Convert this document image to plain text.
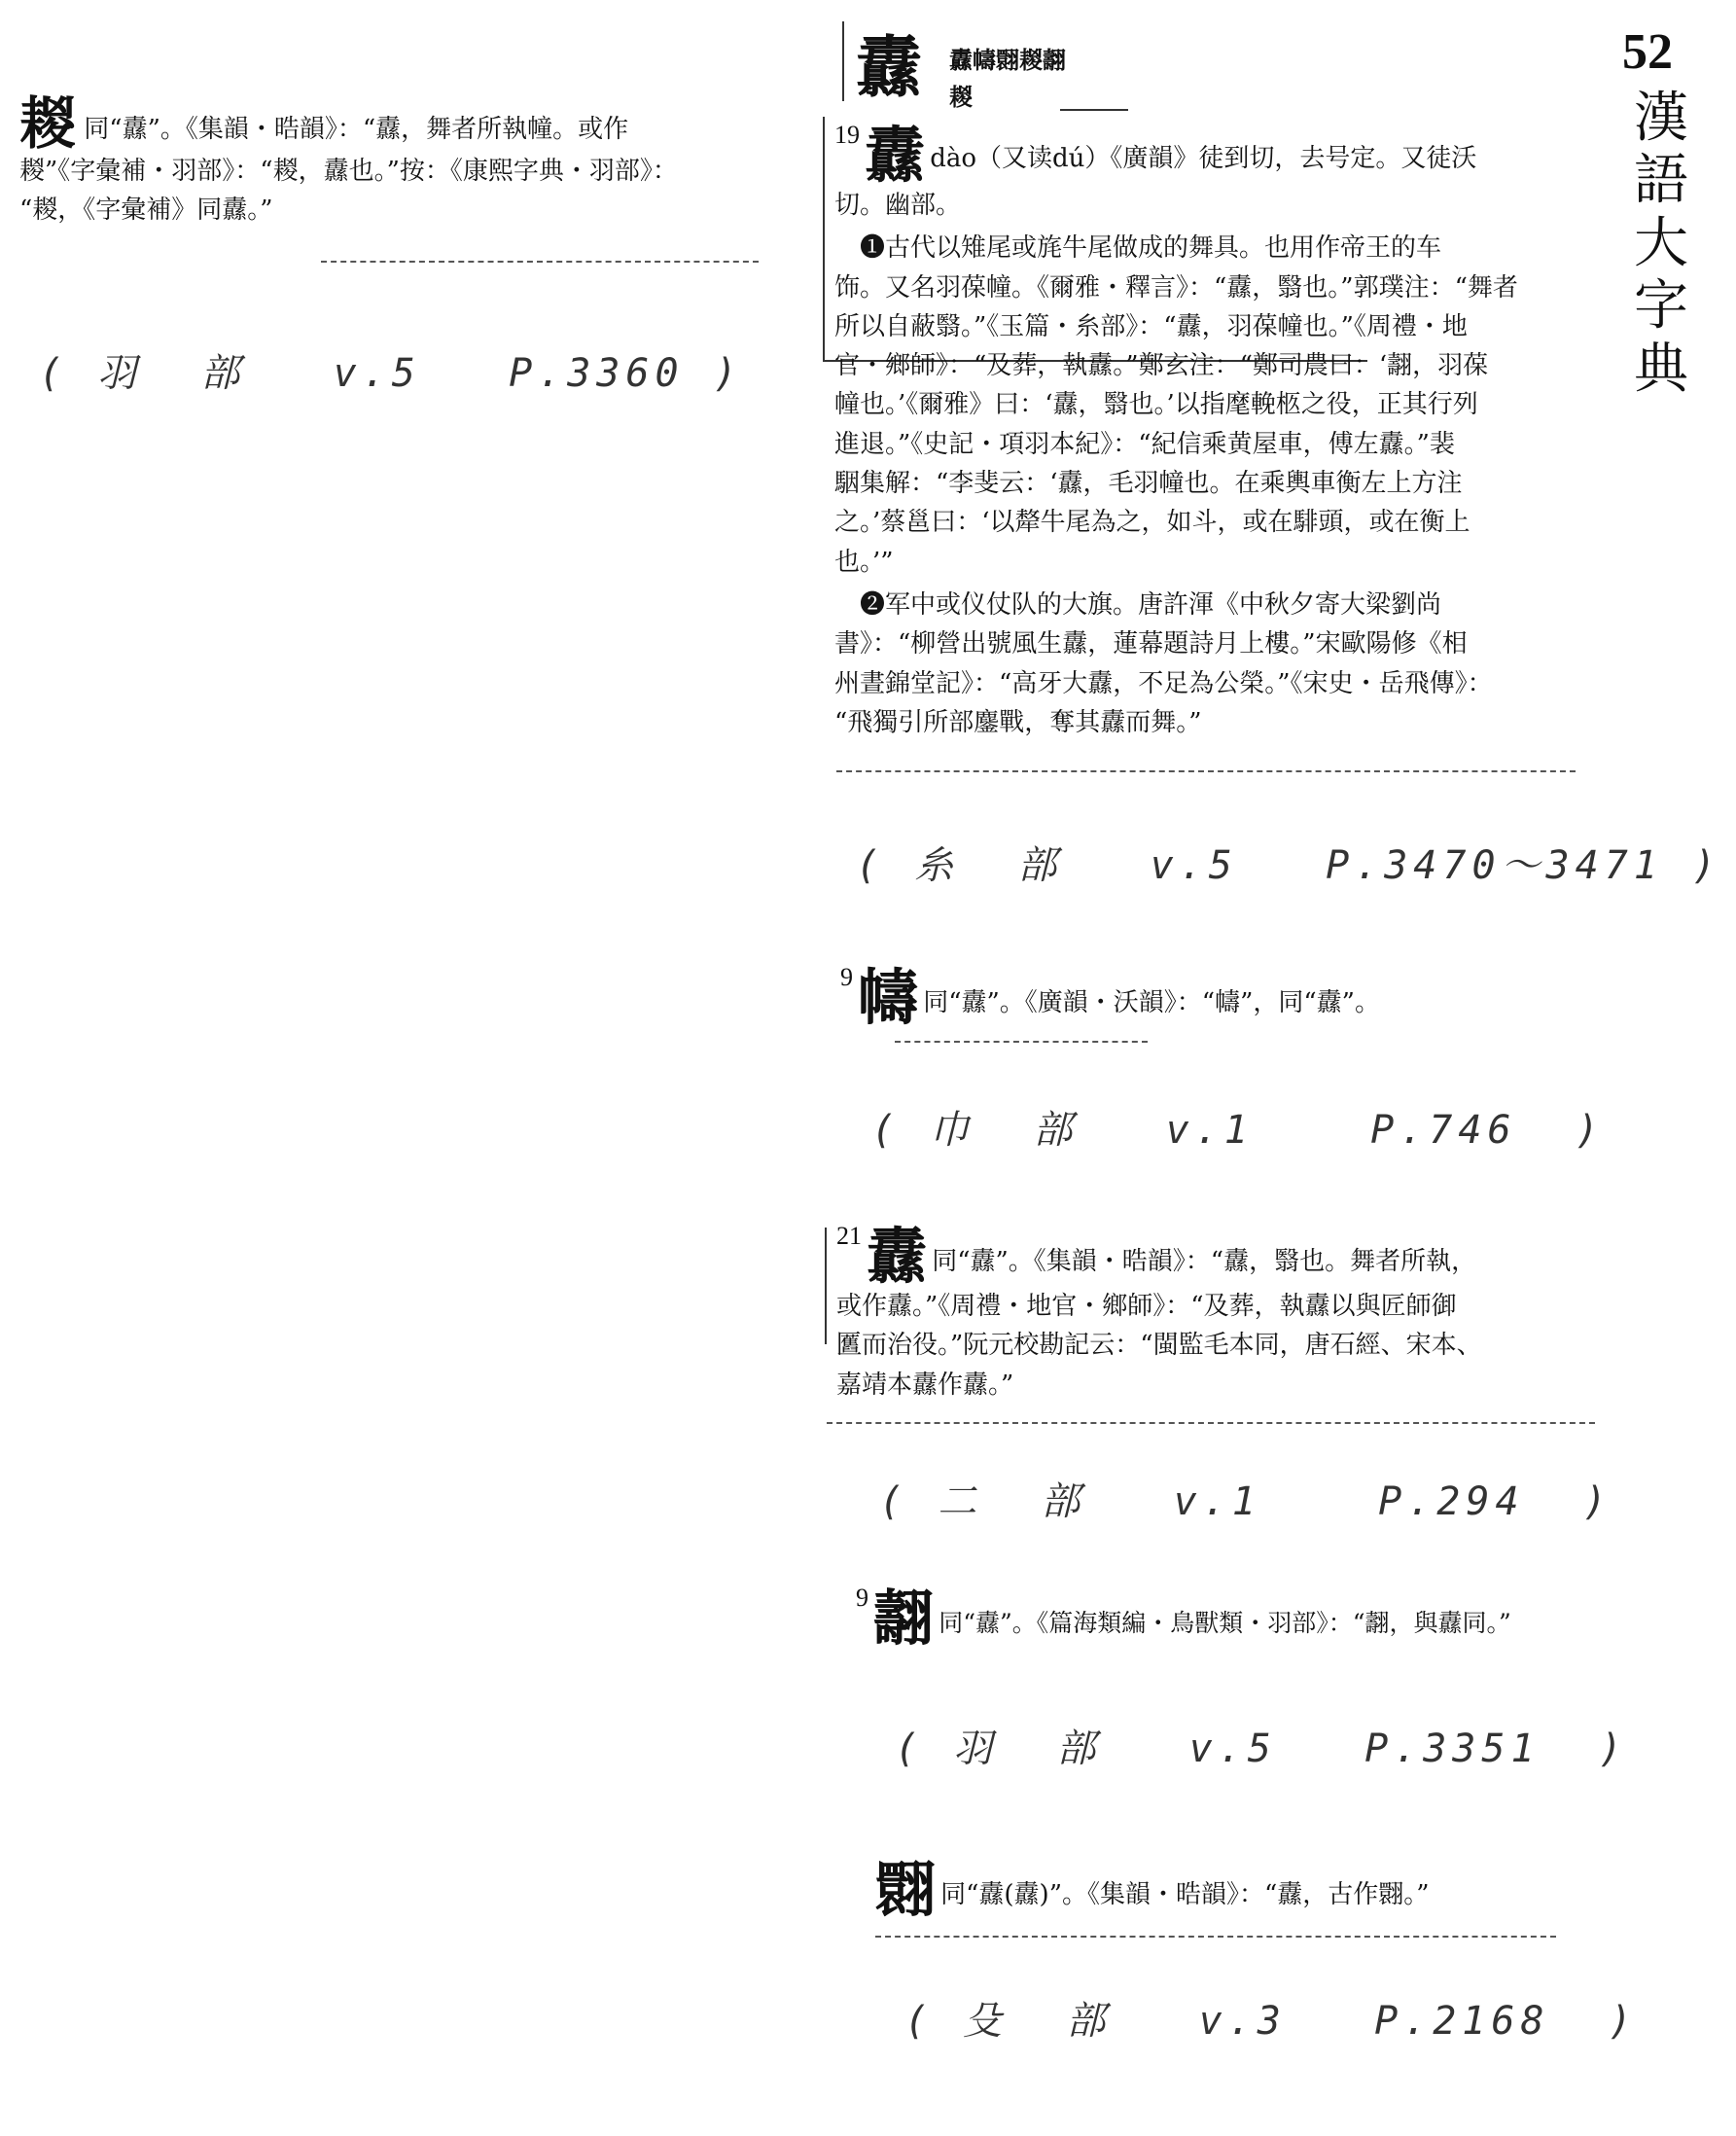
52
漢語大字典
䎫 同“纛”。《集韻・晧韻》：“纛，舞者所執幢。或作
䎫”《字彙補・羽部》：“䎫，纛也。”按：《康熙字典・羽部》：
“䎫，《字彙補》同纛。”
( 羽  部   v.5   P.3360 )
纛 纛幬翾䎫翿
䎫
19 纛 dào（又读dú）《廣韻》徒到切，去号定。又徒沃
切。幽部。
❶古代以雉尾或旄牛尾做成的舞具。也用作帝王的车
饰。又名羽葆幢。《爾雅・釋言》：“纛，翳也。”郭璞注：“舞者
所以自蔽翳。”《玉篇・糸部》：“纛，羽葆幢也。”《周禮・地
官・鄉師》：“及葬，執纛。”鄭玄注：“鄭司農曰：‘翿，羽葆
幢也。’《爾雅》曰：‘纛，翳也。’以指麾輓柩之役，正其行列
進退。”《史記・項羽本紀》：“紀信乘黄屋車，傅左纛。”裴
駰集解：“李斐云：‘纛，毛羽幢也。在乘輿車衡左上方注
之。’蔡邕曰：‘以犛牛尾為之，如斗，或在騑頭，或在衡上
也。’”
❷军中或仪仗队的大旗。唐許渾《中秋夕寄大梁劉尚
書》：“柳營出號風生纛，蓮幕題詩月上樓。”宋歐陽修《相
州晝錦堂記》：“高牙大纛，不足為公榮。”《宋史・岳飛傳》：
“飛獨引所部鏖戰，奪其纛而舞。”
( 糸  部   v.5   P.3470～3471 )
9 幬 同“纛”。《廣韻・沃韻》：“幬”，同“纛”。
( 巾  部   v.1    P.746  )
21 纛 同“纛”。《集韻・晧韻》：“纛，翳也。舞者所執，
或作纛。”《周禮・地官・鄉師》：“及葬，執纛以與匠師御
匶而治役。”阮元校勘記云：“閩監毛本同，唐石經、宋本、
嘉靖本纛作纛。”
( 二  部   v.1    P.294  )
9 翿 同“纛”。《篇海類編・鳥獸類・羽部》：“翿，與纛同。”
( 羽  部   v.5   P.3351  )
翾 同“纛(纛)”。《集韻・晧韻》：“纛，古作翾。”
( 殳  部   v.3   P.2168  )
